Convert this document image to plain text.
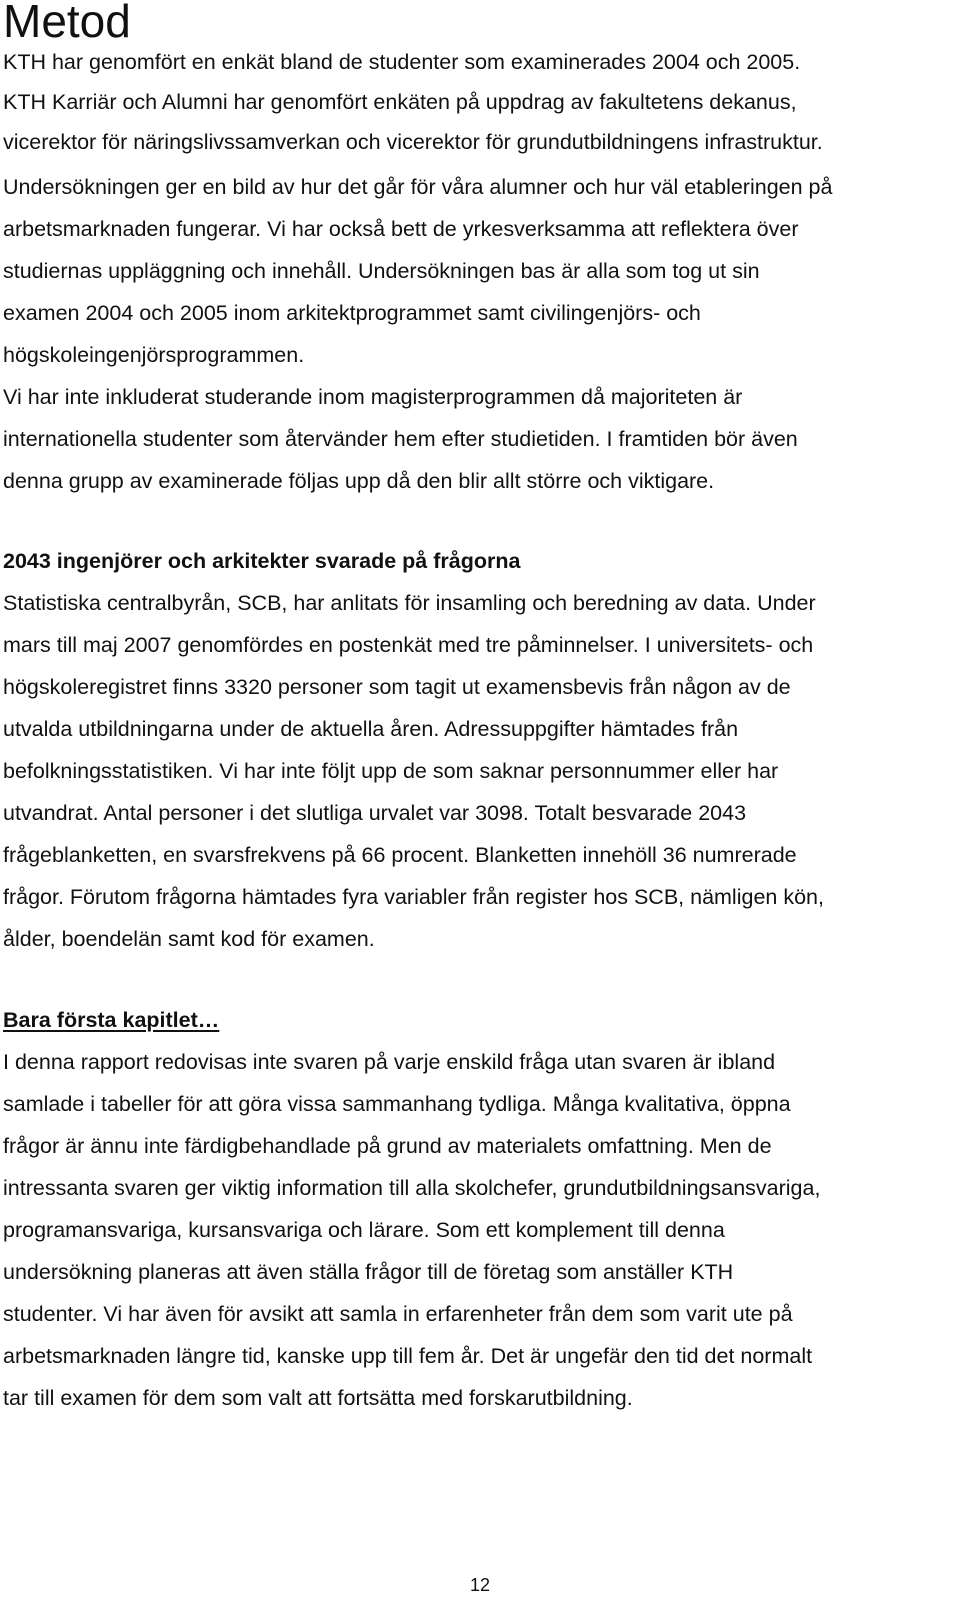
Metod

KTH har genomfört en enkät bland de studenter som examinerades 2004 och 2005.

KTH Karriär och Alumni har genomfört enkäten på uppdrag av fakultetens dekanus,

vicerektor för näringslivssamverkan och vicerektor för grundutbildningens infrastruktur.

Undersökningen ger en bild av hur det går för våra alumner och hur väl etableringen på

arbetsmarknaden fungerar. Vi har också bett de yrkesverksamma att reflektera över

studiernas uppläggning och innehåll. Undersökningen bas är alla som tog ut sin

examen 2004 och 2005 inom arkitektprogrammet samt civilingenjörs- och

högskoleingenjörsprogrammen.

Vi har inte inkluderat studerande inom magisterprogrammen då majoriteten är

internationella studenter som återvänder hem efter studietiden. I framtiden bör även

denna grupp av examinerade följas upp då den blir allt större och viktigare.

2043 ingenjörer och arkitekter svarade på frågorna

Statistiska centralbyrån, SCB, har anlitats för insamling och beredning av data. Under

mars till maj 2007 genomfördes en postenkät med tre påminnelser. I universitets- och

högskoleregistret finns 3320 personer som tagit ut examensbevis från någon av de

utvalda utbildningarna under de aktuella åren. Adressuppgifter hämtades från

befolkningsstatistiken. Vi har inte följt upp de som saknar personnummer eller har

utvandrat. Antal personer i det slutliga urvalet var 3098. Totalt besvarade 2043

frågeblanketten, en svarsfrekvens på 66 procent. Blanketten innehöll 36 numrerade

frågor. Förutom frågorna hämtades fyra variabler från register hos SCB, nämligen kön,

ålder, boendelän samt kod för examen.

Bara första kapitlet…

I denna rapport redovisas inte svaren på varje enskild fråga utan svaren är ibland

samlade i tabeller för att göra vissa sammanhang tydliga. Många kvalitativa, öppna

frågor är ännu inte färdigbehandlade på grund av materialets omfattning. Men de

intressanta svaren ger viktig information till alla skolchefer, grundutbildningsansvariga,

programansvariga, kursansvariga och lärare. Som ett komplement till denna

undersökning planeras att även ställa frågor till de företag som anställer KTH

studenter. Vi har även för avsikt att samla in erfarenheter från dem som varit ute på

arbetsmarknaden längre tid, kanske upp till fem år. Det är ungefär den tid det normalt

tar till examen för dem som valt att fortsätta med forskarutbildning.

12
